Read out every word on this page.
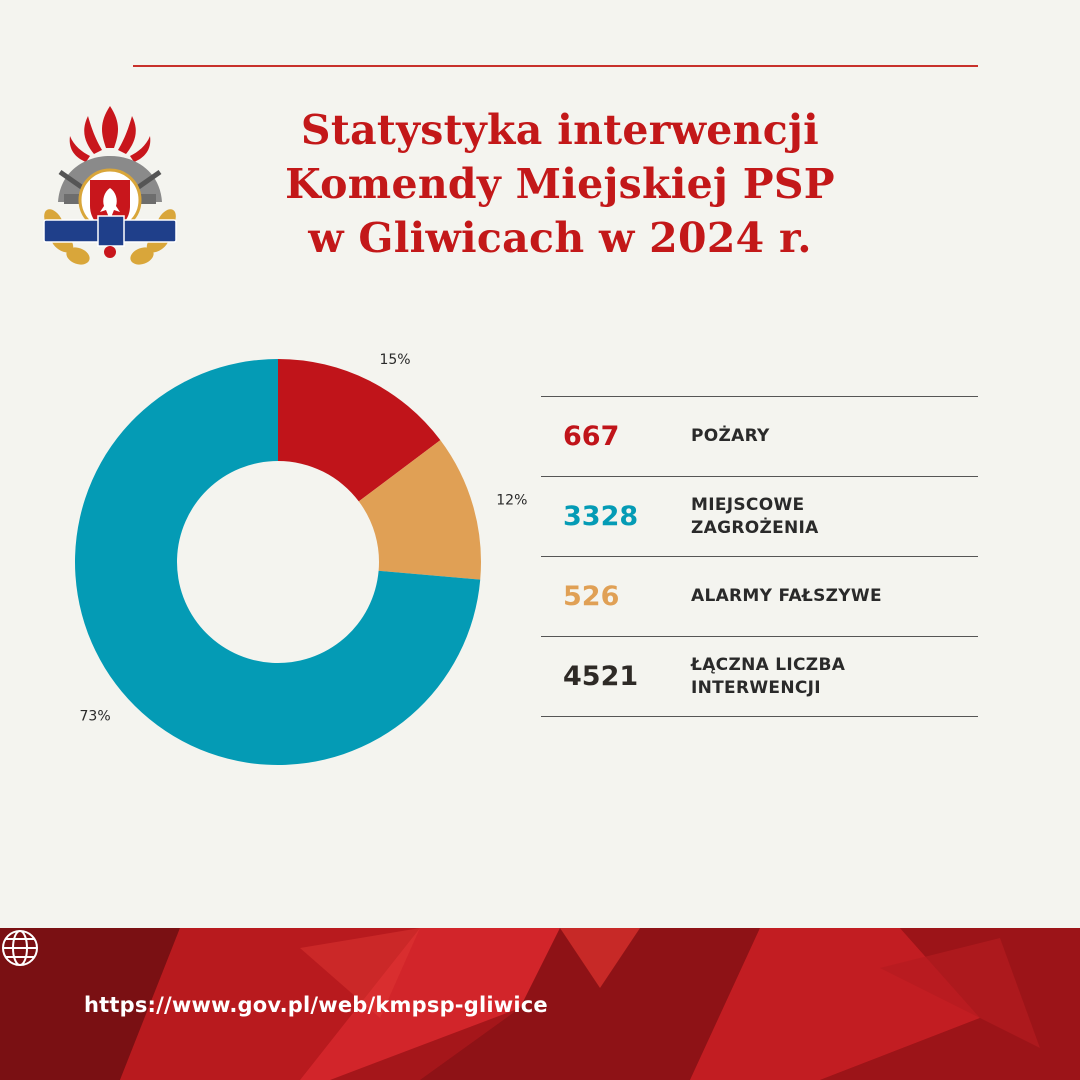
Statystyka interwencji
Komendy Miejskiej PSP
w Gliwicach w 2024 r.
15%
12%
73%
667	POŻARY
3328	MIEJSCOWE
ZAGROŻENIA
526	ALARMY FAŁSZYWE
4521	ŁĄCZNA LICZBA
INTERWENCJI
https://www.gov.pl/web/kmpsp-gliwice
